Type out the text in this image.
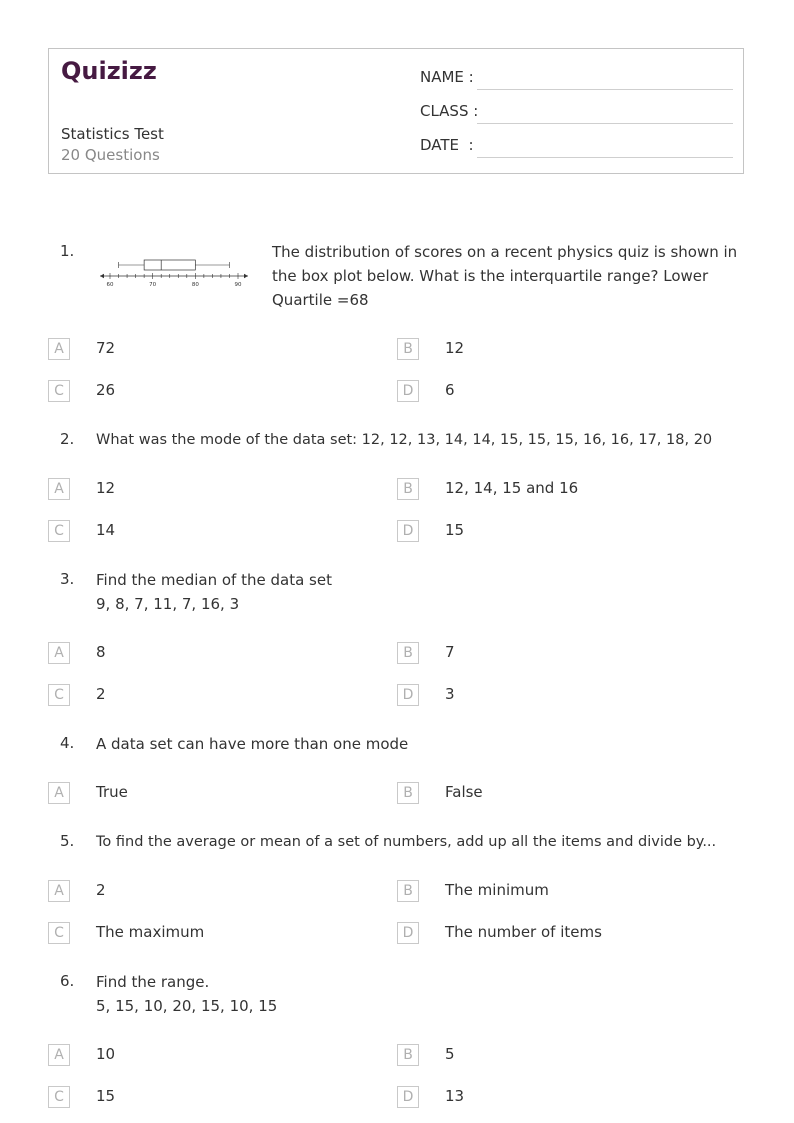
Quizizz
Statistics Test
20 Questions
NAME :
CLASS :
DATE  :
1.
60	70	80	90
The distribution of scores on a recent physics quiz is shown in the box plot below. What is the interquartile range? Lower Quartile =68
A	72	B	12
C	26	D	6
2. What was the mode of the data set: 12, 12, 13, 14, 14, 15, 15, 15, 16, 16, 17, 18, 20
A	12	B	12, 14, 15 and 16
C	14	D	15
3. Find the median of the data set
9, 8, 7, 11, 7, 16, 3
A	8	B	7
C	2	D	3
4. A data set can have more than one mode
A	True	B	False
5. To find the average or mean of a set of numbers, add up all the items and divide by...
A	2	B	The minimum
C	The maximum	D	The number of items
6. Find the range.
5, 15, 10, 20, 15, 10, 15
A	10	B	5
C	15	D	13
